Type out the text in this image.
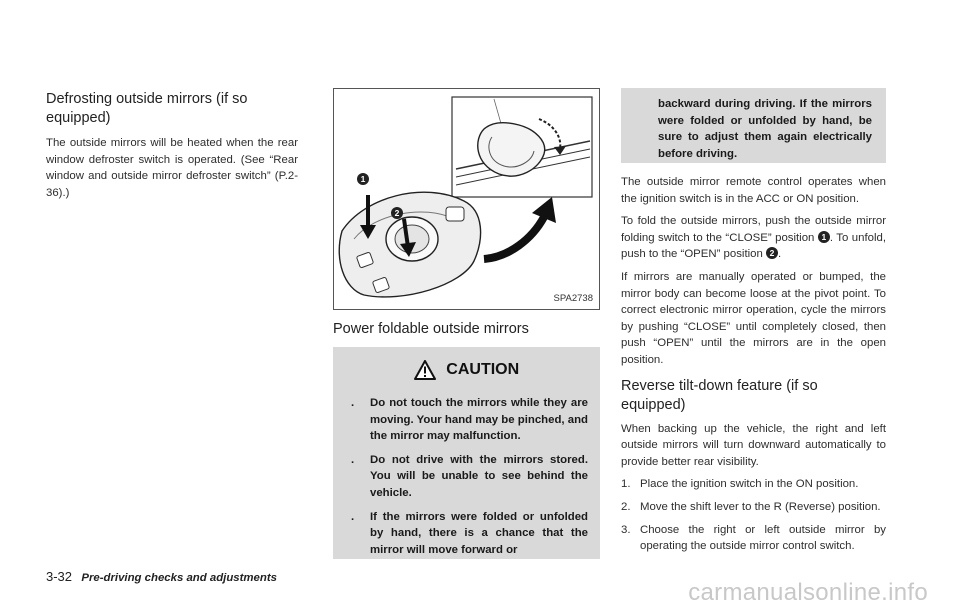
Defrosting outside mirrors (if so equipped)

The outside mirrors will be heated when the rear window defroster switch is operated. (See “Rear window and outside mirror defroster switch” (P.2-36).)

1
2
SPA2738
Power foldable outside mirrors
CAUTION
. Do not touch the mirrors while they are moving. Your hand may be pinched, and the mirror may malfunction.
. Do not drive with the mirrors stored. You will be unable to see behind the vehicle.
. If the mirrors were folded or unfolded by hand, there is a chance that the mirror will move forward or

backward during driving. If the mirrors were folded or unfolded by hand, be sure to adjust them again electrically before driving.

The outside mirror remote control operates when the ignition switch is in the ACC or ON position.

To fold the outside mirrors, push the outside mirror folding switch to the “CLOSE” position 1 . To unfold, push to the “OPEN” position 2 .

If mirrors are manually operated or bumped, the mirror body can become loose at the pivot point. To correct electronic mirror operation, cycle the mirrors by pushing “CLOSE” until completely closed, then push “OPEN” until the mirrors are in the open position.

Reverse tilt-down feature (if so equipped)

When backing up the vehicle, the right and left outside mirrors will turn downward automatically to provide better rear visibility.

1. Place the ignition switch in the ON position.
2. Move the shift lever to the R (Reverse) position.
3. Choose the right or left outside mirror by operating the outside mirror control switch.
3-32 Pre-driving checks and adjustments
carmanualsonline.info
